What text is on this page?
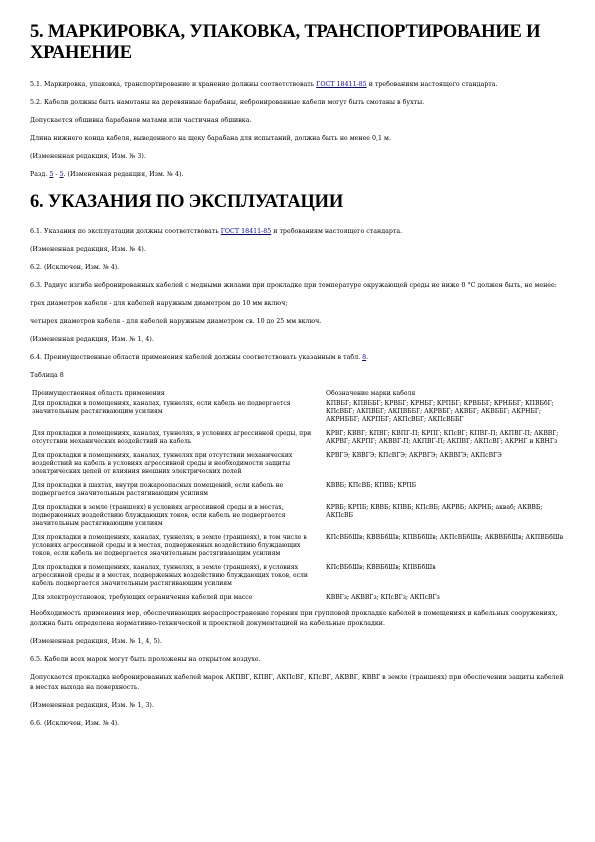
5. МАРКИРОВКА, УПАКОВКА, ТРАНСПОРТИРОВАНИЕ И ХРАНЕНИЕ

5.1. Маркировка, упаковка, транспортирование и хранение должны соответствовать ГОСТ 18411-85 и требованиям настоящего стандарта.

5.2. Кабели должны быть намотаны на деревянные барабаны, небронированные кабели могут быть смотаны в бухты.

Допускается обшивка барабанов матами или частичная обшивка.

Длина нижнего конца кабеля, выведенного на щеку барабана для испытаний, должна быть не менее 0,1 м.

(Измененная редакция, Изм. № 3).

Разд. 5 - 5. (Измененная редакция, Изм. № 4).

6. УКАЗАНИЯ ПО ЭКСПЛУАТАЦИИ

6.1. Указания по эксплуатации должны соответствовать ГОСТ 18411-85 и требованиям настоящего стандарта.

(Измененная редакция, Изм. № 4).

6.2. (Исключен, Изм. № 4).

6.3. Радиус изгиба небронированных кабелей с медными жилами при прокладке при температуре окружающей среды не ниже 0 °С должен быть, не менее:

трех диаметров кабеля - для кабелей наружным диаметром до 10 мм включ;

четырех диаметров кабеля - для кабелей наружным диаметром св. 10 до 25 мм включ.

(Измененная редакция, Изм. № 1, 4).

6.4. Преимущественные области применения кабелей должны соответствовать указанным в табл. 8.

Таблица 8

Преимущественная область применения	Обозначение марки кабеля
Для прокладки в помещениях, каналах, туннелях, если кабель не подвергается значительным растягивающим усилиям	КПВБГ; КПВББГ; КРВБГ; КРНБГ; КРПБГ; КРВББГ; КРНББГ; КПВБбГ; КПсВБГ; АКПВБГ; АКПВББГ; АКРВБГ; АКВБГ; АКВББГ; АКРНБГ; АКРНББГ; АКРПБГ; АКПсВБГ; АКПсВББГ
Для прокладки в помещениях, каналах, туннелях, в условиях агрессивной среды, при отсутствии механических воздействий на кабель	КРВГ; КВВГ; КПВГ; КВПГ-П; КРПГ; КПсВГ; КПВГ-П; АКПВГ-П; АКВВГ; АКРВГ; АКРПГ; АКВВГ-П; АКПВГ-П; АКПВГ; АКПсВГ; АКРНГ и КВНГз
Для прокладки в помещениях, каналах, туннелях при отсутствии механических воздействий на кабель в условиях агрессивной среды и необходимости защиты электрических цепей от влияния внешних электрических полей	КРВГЭ; КВВГЭ; КПсВГЭ; АКРВГЭ; АКВВГЭ; АКПсВГЭ
Для прокладки в шахтах, внутри пожароопасных помещений, если кабель не подвергается значительным растягивающим усилиям	КВВБ; КПсВБ; КПВБ; КРПБ
Для прокладки в земле (траншеях) в условиях агрессивной среды и в местах, подверженных воздействию блуждающих токов, если кабель не подвергается значительным растягивающим усилиям	КРВБ; КРПБ; КВВБ; КПВБ; КПсВБ; АКРВБ; АКРНБ; акваб; АКВВБ; АКПсВБ
Для прокладки в помещениях, каналах, туннелях, в земле (траншеях), в том числе в условиях агрессивной среды и в местах, подверженных воздействию блуждающих токов, если кабель не подвергается значительным растягивающим усилиям	КПсВБбШв; КВВБбШв; КПВБбШв; АКПсВБбШв; АКВВБбШв; АКПВБбШв
Для прокладки в помещениях, каналах, туннелях, в земле (траншеях), в условиях агрессивной среды и в местах, подверженных воздействию блуждающих токов, если кабель подвергается значительным растягивающим усилиям	КПсВБбШв; КВВБбШв; КПВБбШв
Для электроустановок, требующих ограничения кабелей при массе	КВВГз; АКВВГз; КПсВГз; АКПсВГз

Необходимость применения мер, обеспечивающих нераспространение горения при групповой прокладке кабелей в помещениях и кабельных сооружениях, должна быть определена нормативно-технической и проектной документацией на кабельные прокладки.

(Измененная редакция, Изм. № 1, 4, 5).

6.5. Кабели всех марок могут быть проложены на открытом воздухе.

Допускается прокладка небронированных кабелей марок АКПВГ, КПВГ, АКПсВГ, КПсВГ, АКВВГ, КВВГ в земле (траншеях) при обеспечении защиты кабелей в местах выхода на поверхность.

(Измененная редакция, Изм. № 1, 3).

6.6. (Исключен, Изм. № 4).
